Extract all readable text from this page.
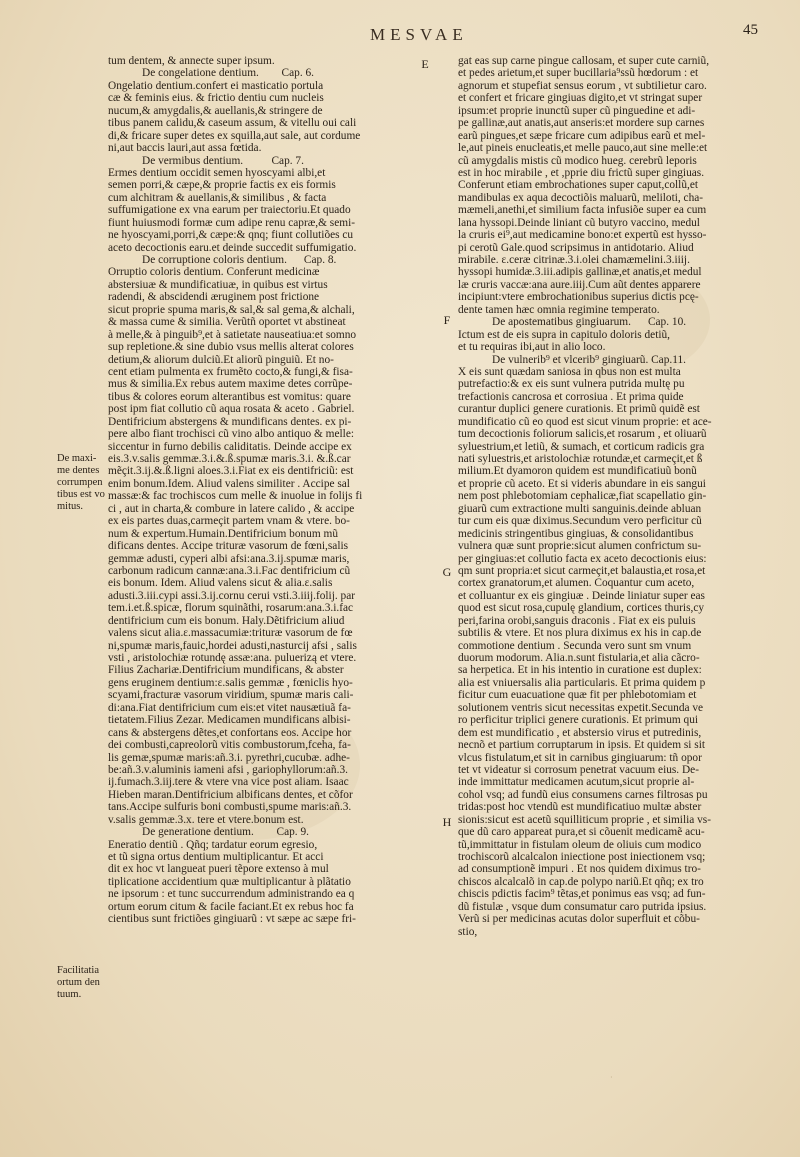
MESVAE	45
De maxi-
me dentes
corrumpen
tibus est vo
mitus.
Facilitatia
ortum den
tuum.
E
F
G
H
tum dentem, & annecte super ipsum.
De congelatione dentium.        Cap. 6.
Ongelatio dentium.confert ei masticatio portula
cæ & feminis eius. & frictio dentiu cum nucleis
nucum,& amygdalis,& auellanis,& stringere de
tibus panem calidu,& caseum assum, & vitellu oui cali
di,& fricare super detes ex squilla,aut sale, aut cordume
ni,aut baccis lauri,aut assa fœtida.
De vermibus dentium.          Cap. 7.
Ermes dentium occidit semen hyoscyami albi,et
semen porri,& cæpe,& proprie factis ex eis formis
cum alchitram & auellanis,& similibus , & facta
suffumigatione ex vna earum per traiectoriu.Et quado
fiunt huiusmodi formæ cum adipe renu capræ,& semi-
ne hyoscyami,porri,& cæpe:& qnq; fiunt collutiões cu
aceto decoctionis earu.et deinde succedit suffumigatio.
De corruptione coloris dentium.      Cap. 8.
Orruptio coloris dentium. Conferunt medicinæ
abstersiuæ & mundificatiuæ, in quibus est virtus
radendi, & abscidendi æruginem post frictione
sicut proprie spuma maris,& sal,& sal gema,& alchali,
& massa cume & similia. Verũtñ oportet vt abstineat
à melle,& à pinguib⁹,et à satietate nauseatiua:et somno
sup repletione.& sine dubio vsus mellis alterat colores
detium,& aliorum dulciũ.Et aliorũ pinguiũ. Et no-
cent etiam pulmenta ex frumẽto cocto,& fungi,& fisa-
mus & similia.Ex rebus autem maxime detes corrũpe-
tibus & colores eorum alterantibus est vomitus: quare
post ipm fiat collutio cũ aqua rosata & aceto . Gabriel.
Dentifricium abstergens & mundificans dentes. ex pi-
pere albo fiant trochisci cũ vino albo antiquo & melle:
siccentur in furno debilis caliditatis. Deinde accipe ex
eis.3.v.salis gemmæ.3.i.&.ß.spumæ maris.3.i. &.ß.car
mẽçit.3.ij.&.ß.ligni aloes.3.i.Fiat ex eis dentifriciũ: est
enim bonum.Idem. Aliud valens similiter . Accipe sal
massæ:& fac trochiscos cum melle & inuolue in folijs fi
ci , aut in charta,& combure in latere calido , & accipe
ex eis partes duas,carmeçit partem vnam & vtere. bo-
num & expertum.Humain.Dentifricium bonum mũ
dificans dentes. Accipe trituræ vasorum de fœni,salis
gemmæ adusti, cyperi albi afsi:ana.3.ij.spumæ maris,
carbonum radicum cannæ:ana.3.i.Fac dentifricium cũ
eis bonum. Idem. Aliud valens sicut & alia.ɛ.salis
adusti.3.iii.cypi assi.3.ij.cornu cerui vsti.3.iiij.folij. par
tem.i.et.ß.spicæ, florum squinãthi, rosarum:ana.3.i.fac
dentifricium cum eis bonum. Haly.Dẽtifricium aliud
valens sicut alia.ɛ.massacumiæ:trituræ vasorum de fœ
ni,spumæ maris,fauic,hordei adusti,nasturcij afsi , salis
vsti , aristolochiæ rotundę assæ:ana. puluerizą et vtere.
Filius Zachariæ.Dentifricium mundificans, & abster
gens eruginem dentium:ɛ.salis gemmæ , fœniclis hyo-
scyami,fracturæ vasorum viridium, spumæ maris cali-
di:ana.Fiat dentifricium cum eis:et vitet nausætiuã fa-
tietatem.Filius Zezar. Medicamen mundificans albisi-
cans & abstergens dẽtes,et confortans eos. Accipe hor
dei combusti,capreolorũ vitis combustorum,fceha, fa-
lis gemæ,spumæ maris:añ.3.i. pyrethri,cucubæ. adhe-
be:añ.3.v.aluminis iameni afsi , gariophyllorum:añ.3.
ij.fumach.3.iij.tere & vtere vna vice post aliam. Isaac
Hieben maran.Dentifricium albificans dentes, et cõfor
tans.Accipe sulfuris boni combusti,spume maris:añ.3.
v.salis gemmæ.3.x. tere et vtere.bonum est.
De generatione dentium.        Cap. 9.
Eneratio dentiũ . Qñq; tardatur eorum egresio,
et tũ signa ortus dentium multiplicantur. Et acci
dit ex hoc vt langueat pueri tẽpore extenso à mul
tiplicatione accidentium quæ multiplicantur à plãtatio
ne ipsorum : et tunc succurrendum administrando ea q
ortum eorum citum & facile faciant.Et ex rebus hoc fa
cientibus sunt frictiões gingiuarũ : vt sæpe ac sæpe fri-
gat eas sup carne pingue callosam, et super cute carniũ,
et pedes arietum,et super bucillaria⁹ssũ hœdorum : et
agnorum et stupefiat sensus eorum , vt subtilietur caro.
et confert et fricare gingiuas digito,et vt stringat super
ipsum:et proprie inunctũ super cũ pinguedine et adi-
pe gallinæ,aut anatis,aut anseris:et mordere sup carnes
earũ pingues,et sæpe fricare cum adipibus earũ et mel-
le,aut pineis enucleatis,et melle pauco,aut sine melle:et
cũ amygdalis mistis cũ modico hueg. cerebrũ leporis
est in hoc mirabile , et ,pprie diu frictũ super gingiuas.
Conferunt etiam embrochationes super caput,collũ,et
mandibulas ex aqua decoctiõis maluarũ, meliloti, cha-
mæmeli,anethi,et similium facta infusiõe super ea cum
lana hyssopi.Deinde liniant cũ butyro vaccino, medul
la cruris ei⁹,aut medicamine bono:et expertũ est hysso-
pi cerotũ Gale.quod scripsimus in antidotario. Aliud
mirabile. ɛ.ceræ citrinæ.3.i.olei chamæmelini.3.iiij.
hyssopi humidæ.3.iii.adipis gallinæ,et anatis,et medul
læ cruris vaccæ:ana aure.iiij.Cum aũt dentes apparere
incipiunt:vtere embrochationibus superius dictis pcę-
dente tamen hæc omnia regimine temperato.
De apostematibus gingiuarum.      Cap. 10.
Ictum est de eis supra in capitulo doloris detiũ,
et tu requiras ibi,aut in alio loco.
De vulnerib⁹ et vlcerib⁹ gingiuarũ. Cap.11.
X eis sunt quædam saniosa in qbus non est multa
putrefactio:& ex eis sunt vulnera putrida multę pu
trefactionis cancrosa et corrosiua . Et prima quide
curantur duplici genere curationis. Et primũ quidẽ est
mundificatio cũ eo quod est sicut vinum proprie: et ace-
tum decoctionis foliorum salicis,et rosarum , et oliuarũ
syluestrium,et letiũ, & sumach, et corticum radicis gra
nati syluestris,et aristolochiæ rotundæ,et carmeçit,et ß
milium.Et dyamoron quidem est mundificatiuũ bonũ
et proprie cũ aceto. Et si videris abundare in eis sangui
nem post phlebotomiam cephalicæ,fiat scapellatio gin-
giuarũ cum extractione multi sanguinis.deinde abluan
tur cum eis quæ diximus.Secundum vero perficitur cũ
medicinis stringentibus gingiuas, & consolidantibus
vulnera quæ sunt proprie:sicut alumen confrictum su-
per gingiuas:et collutio facta ex aceto decoctionis eius:
qm sunt propria:et sicut carmeçit,et balaustia,et rosa,et
cortex granatorum,et alumen. Coquantur cum aceto,
et colluantur ex eis gingiuæ . Deinde liniatur super eas
quod est sicut rosa,cupulę glandium, cortices thuris,cy
peri,farina orobi,sanguis draconis . Fiat ex eis puluis
subtilis & vtere. Et nos plura diximus ex his in cap.de
commotione dentium . Secunda vero sunt sm vnum
duorum modorum. Alia.n.sunt fistularia,et alia cãcro-
sa herpetica. Et in his intentio in curatione est duplex:
alia est vniuersalis alia particularis. Et prima quidem p
ficitur cum euacuatione quæ fit per phlebotomiam et
solutionem ventris sicut necessitas expetit.Secunda ve
ro perficitur triplici genere curationis. Et primum qui
dem est mundificatio , et abstersio virus et putredinis,
necnõ et partium corruptarum in ipsis. Et quidem si sit
vlcus fistulatum,et sit in carnibus gingiuarum: tñ opor
tet vt videatur si corrosum penetrat vacuum eius. De-
inde immittatur medicamen acutum,sicut proprie al-
cohol vsq; ad fundũ eius consumens carnes filtrosas pu
tridas:post hoc vtendũ est mundificatiuo multæ abster
sionis:sicut est acetũ squilliticum proprie , et similia vs-
que dũ caro appareat pura,et si cõuenit medicamẽ acu-
tũ,immittatur in fistulam oleum de oliuis cum modico
trochiscorũ alcalcalon iniectione post iniectionem vsq;
ad consumptionẽ impuri . Et nos quidem diximus tro-
chiscos alcalcalõ in cap.de polypo nariũ.Et qñq; ex tro
chiscis pdictis facim⁹ tẽtas,et ponimus eas vsq; ad fun-
dũ fistulæ , vsque dum consumatur caro putrida ipsius.
Verũ si per medicinas acutas dolor superfluit et cõbu-
stio,
·
